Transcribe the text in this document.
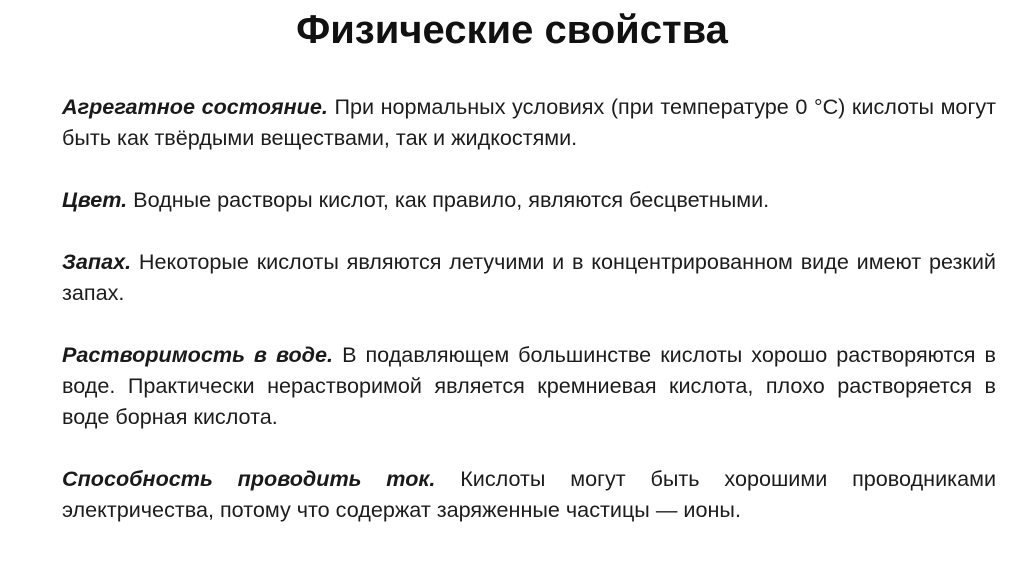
Физические свойства

Агрегатное состояние. При нормальных условиях (при температуре 0 °С) кислоты могут быть как твёрдыми веществами, так и жидкостями.

Цвет. Водные растворы кислот, как правило, являются бесцветными.

Запах. Некоторые кислоты являются летучими и в концентрированном виде имеют резкий запах.

Растворимость в воде. В подавляющем большинстве кислоты хорошо растворяются в воде. Практически нерастворимой является кремниевая кислота, плохо растворяется в воде борная кислота.

Способность проводить ток. Кислоты могут быть хорошими проводниками электричества, потому что содержат заряженные частицы — ионы.
